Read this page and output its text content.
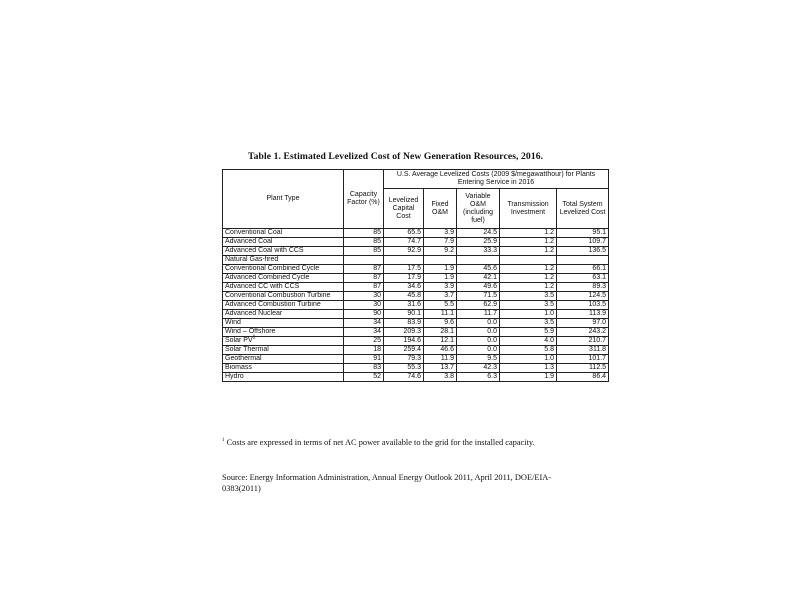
Table 1. Estimated Levelized Cost of New Generation Resources, 2016.
Plant Type	Capacity Factor (%)	U.S. Average Levelized Costs (2009 $/megawatthour) for Plants Entering Service in 2016				
		Levelized Capital Cost	Fixed O&M	Variable O&M (including fuel)	Transmission Investment	Total System Levelized Cost
Conventional Coal	85	65.5	3.9	24.5	1.2	95.1
Advanced Coal	85	74.7	7.9	25.9	1.2	109.7
Advanced Coal with CCS	85	92.9	9.2	33.3	1.2	136.5
Natural Gas-fired						
Conventional Combined Cycle	87	17.5	1.9	45.6	1.2	66.1
Advanced Combined Cycle	87	17.9	1.9	42.1	1.2	63.1
Advanced CC with CCS	87	34.6	3.9	49.6	1.2	89.3
Conventional Combustion Turbine	30	45.8	3.7	71.5	3.5	124.5
Advanced Combustion Turbine	30	31.6	5.5	62.9	3.5	103.5
Advanced Nuclear	90	90.1	11.1	11.7	1.0	113.9
Wind	34	83.9	9.6	0.0	3.5	97.0
Wind – Offshore	34	209.3	28.1	0.0	5.9	243.2
Solar $PV^1$	25	194.6	12.1	0.0	4.0	210.7
Solar Thermal	18	259.4	46.6	0.0	5.8	311.8
Geothermal	91	79.3	11.9	9.5	1.0	101.7
Biomass	83	55.3	13.7	42.3	1.3	112.5
Hydro	52	74.6	3.8	6.3	1.9	86.4
$^1$ Costs are expressed in terms of net AC power available to the grid for the installed capacity.
Source: Energy Information Administration, Annual Energy Outlook 2011, April 2011, DOE/EIA-0383(2011)
